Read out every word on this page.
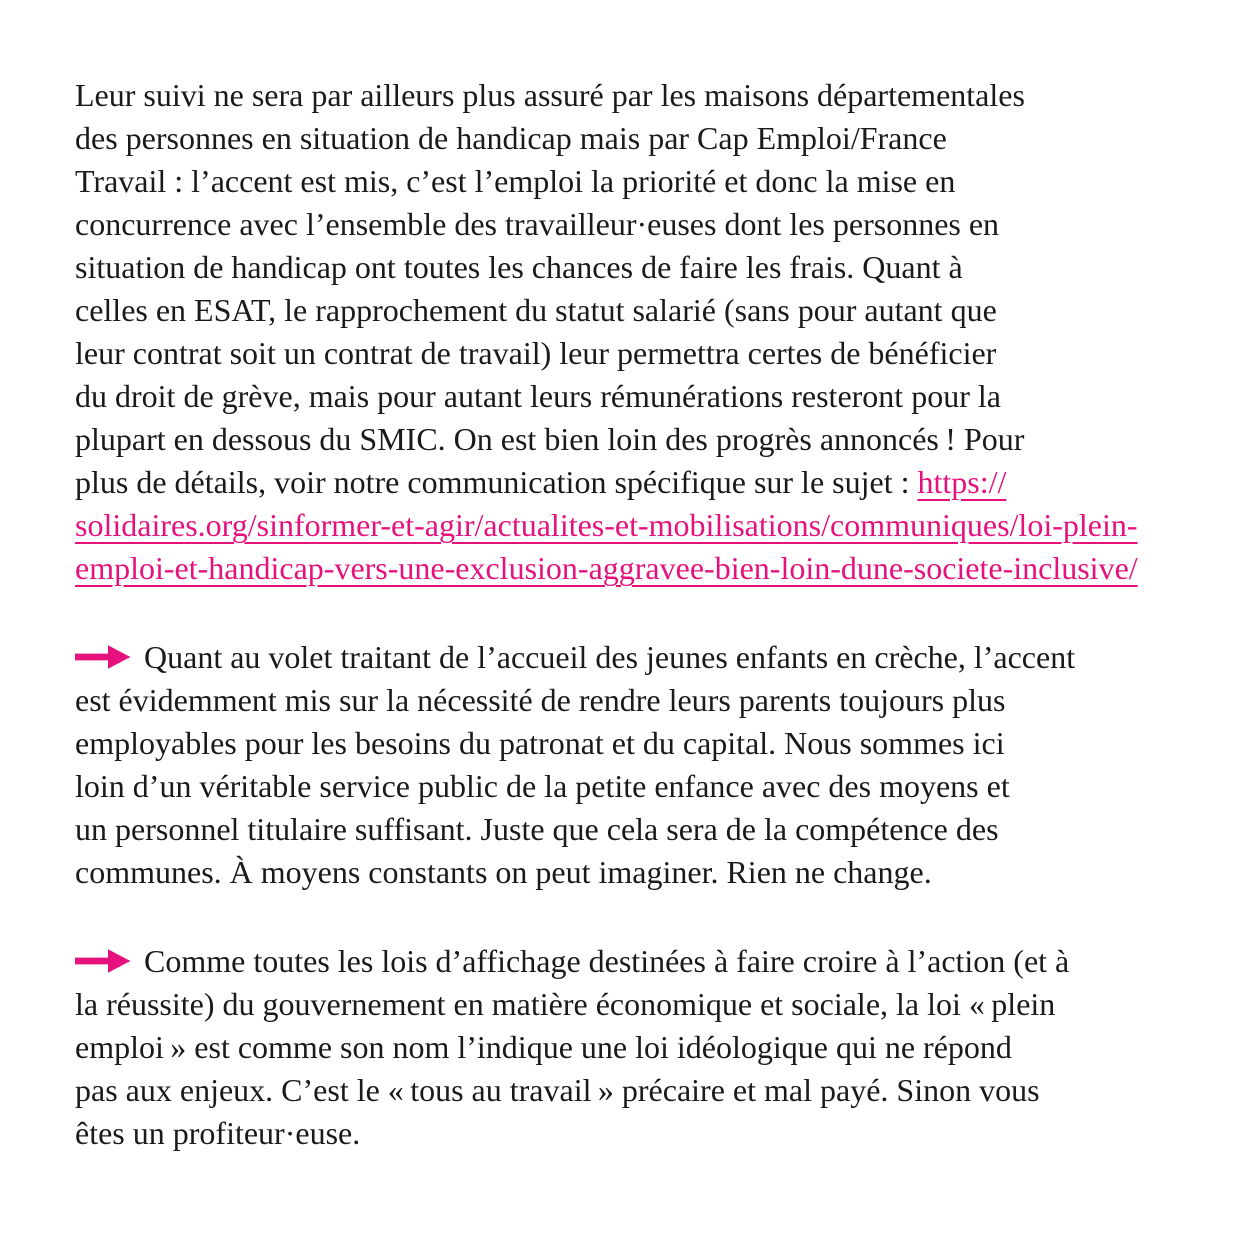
Leur suivi ne sera par ailleurs plus assuré par les maisons départementales
des personnes en situation de handicap mais par Cap Emploi/France
Travail : l’accent est mis, c’est l’emploi la priorité et donc la mise en
concurrence avec l’ensemble des travailleur·euses dont les personnes en
situation de handicap ont toutes les chances de faire les frais. Quant à
celles en ESAT, le rapprochement du statut salarié (sans pour autant que
leur contrat soit un contrat de travail) leur permettra certes de bénéficier
du droit de grève, mais pour autant leurs rémunérations resteront pour la
plupart en dessous du SMIC. On est bien loin des progrès annoncés ! Pour
plus de détails, voir notre communication spécifique sur le sujet : https://
solidaires.org/sinformer-et-agir/actualites-et-mobilisations/communiques/loi-plein-
emploi-et-handicap-vers-une-exclusion-aggravee-bien-loin-dune-societe-inclusive/
Quant au volet traitant de l’accueil des jeunes enfants en crèche, l’accent
est évidemment mis sur la nécessité de rendre leurs parents toujours plus
employables pour les besoins du patronat et du capital. Nous sommes ici
loin d’un véritable service public de la petite enfance avec des moyens et
un personnel titulaire suffisant. Juste que cela sera de la compétence des
communes. À moyens constants on peut imaginer. Rien ne change.
Comme toutes les lois d’affichage destinées à faire croire à l’action (et à
la réussite) du gouvernement en matière économique et sociale, la loi « plein
emploi » est comme son nom l’indique une loi idéologique qui ne répond
pas aux enjeux. C’est le « tous au travail » précaire et mal payé. Sinon vous
êtes un profiteur·euse.
